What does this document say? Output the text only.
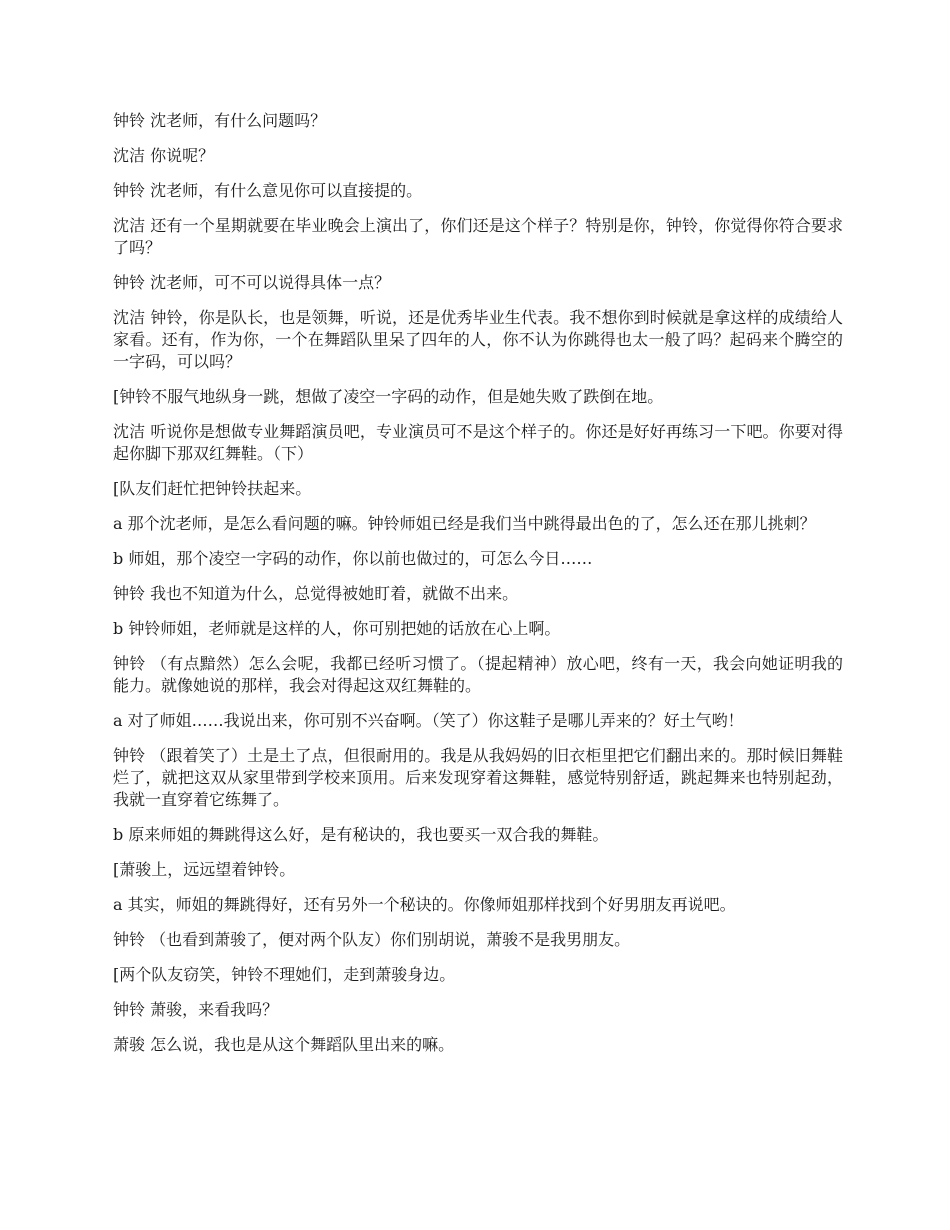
钟铃 沈老师，有什么问题吗？

沈洁 你说呢？

钟铃 沈老师，有什么意见你可以直接提的。

沈洁 还有一个星期就要在毕业晚会上演出了，你们还是这个样子？特别是你，钟铃，你觉得你符合要求了吗？

钟铃 沈老师，可不可以说得具体一点？

沈洁 钟铃，你是队长，也是领舞，听说，还是优秀毕业生代表。我不想你到时候就是拿这样的成绩给人家看。还有，作为你，一个在舞蹈队里呆了四年的人，你不认为你跳得也太一般了吗？起码来个腾空的一字码，可以吗？

[钟铃不服气地纵身一跳，想做了凌空一字码的动作，但是她失败了跌倒在地。

沈洁 听说你是想做专业舞蹈演员吧，专业演员可不是这个样子的。你还是好好再练习一下吧。你要对得起你脚下那双红舞鞋。（下）

[队友们赶忙把钟铃扶起来。

a 那个沈老师，是怎么看问题的嘛。钟铃师姐已经是我们当中跳得最出色的了，怎么还在那儿挑刺？

b 师姐，那个凌空一字码的动作，你以前也做过的，可怎么今日……

钟铃 我也不知道为什么，总觉得被她盯着，就做不出来。

b 钟铃师姐，老师就是这样的人，你可别把她的话放在心上啊。

钟铃 （有点黯然）怎么会呢，我都已经听习惯了。（提起精神）放心吧，终有一天，我会向她证明我的能力。就像她说的那样，我会对得起这双红舞鞋的。

a 对了师姐……我说出来，你可别不兴奋啊。（笑了）你这鞋子是哪儿弄来的？好土气哟！

钟铃 （跟着笑了）土是土了点，但很耐用的。我是从我妈妈的旧衣柜里把它们翻出来的。那时候旧舞鞋烂了，就把这双从家里带到学校来顶用。后来发现穿着这舞鞋，感觉特别舒适，跳起舞来也特别起劲，我就一直穿着它练舞了。

b 原来师姐的舞跳得这么好，是有秘诀的，我也要买一双合我的舞鞋。

[萧骏上，远远望着钟铃。

a 其实，师姐的舞跳得好，还有另外一个秘诀的。你像师姐那样找到个好男朋友再说吧。

钟铃 （也看到萧骏了，便对两个队友）你们别胡说，萧骏不是我男朋友。

[两个队友窃笑，钟铃不理她们，走到萧骏身边。

钟铃 萧骏，来看我吗？

萧骏 怎么说，我也是从这个舞蹈队里出来的嘛。
